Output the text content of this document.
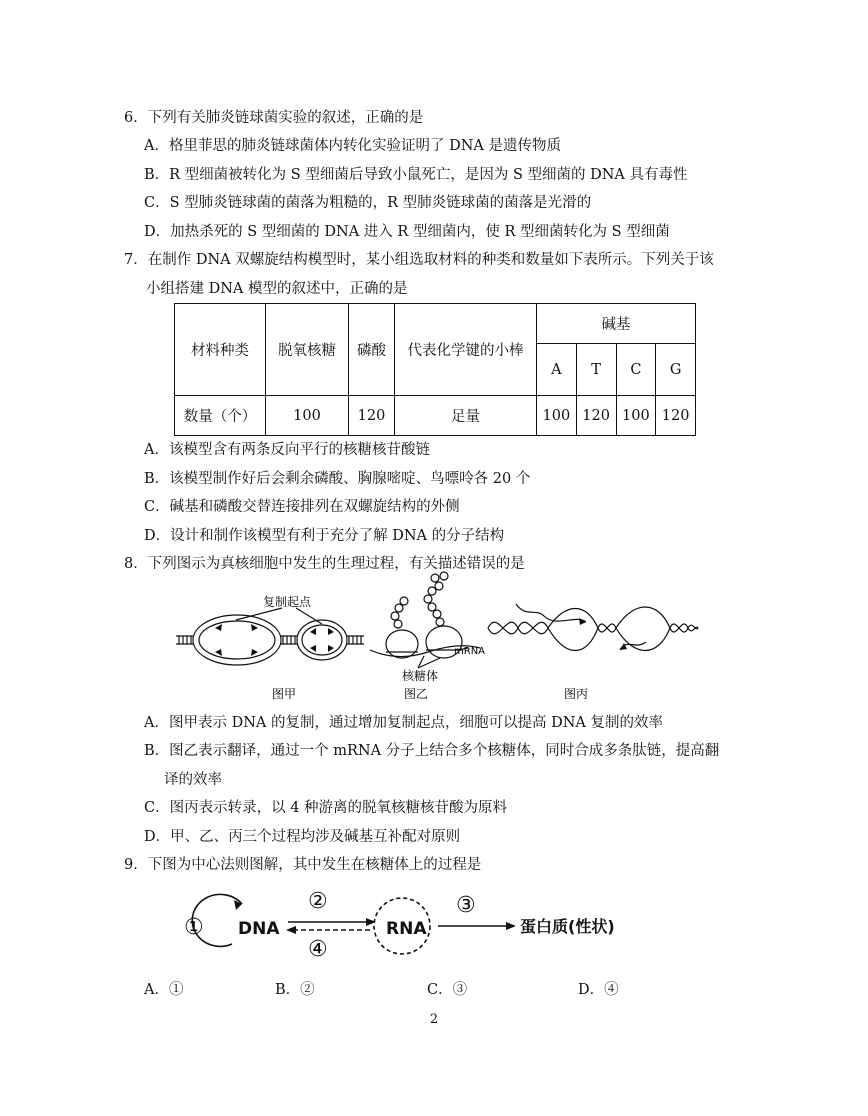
6．下列有关肺炎链球菌实验的叙述，正确的是
A．格里菲思的肺炎链球菌体内转化实验证明了 DNA 是遗传物质
B．R 型细菌被转化为 S 型细菌后导致小鼠死亡，是因为 S 型细菌的 DNA 具有毒性
C．S 型肺炎链球菌的菌落为粗糙的，R 型肺炎链球菌的菌落是光滑的
D．加热杀死的 S 型细菌的 DNA 进入 R 型细菌内，使 R 型细菌转化为 S 型细菌
7．在制作 DNA 双螺旋结构模型时，某小组选取材料的种类和数量如下表所示。下列关于该
小组搭建 DNA 模型的叙述中，正确的是
材料种类	脱氧核糖	磷酸	代表化学键的小棒	碱基			
				A	T	C	G
数量（个）	100	120	足量	100	120	100	120
A．该模型含有两条反向平行的核糖核苷酸链
B．该模型制作好后会剩余磷酸、胸腺嘧啶、鸟嘌呤各 20 个
C．碱基和磷酸交替连接排列在双螺旋结构的外侧
D．设计和制作该模型有利于充分了解 DNA 的分子结构
8．下列图示为真核细胞中发生的生理过程，有关描述错误的是
复制起点
图甲
mRNA
核糖体
图乙	图丙
A．图甲表示 DNA 的复制，通过增加复制起点，细胞可以提高 DNA 复制的效率
B．图乙表示翻译，通过一个 mRNA 分子上结合多个核糖体，同时合成多条肽链，提高翻
译的效率
C．图丙表示转录，以 4 种游离的脱氧核糖核苷酸为原料
D．甲、乙、丙三个过程均涉及碱基互补配对原则
9．下图为中心法则图解，其中发生在核糖体上的过程是
①
②
④
③
DNA	RNA	蛋白质(性状)
A．①	B．②	C．③	D．④
2
